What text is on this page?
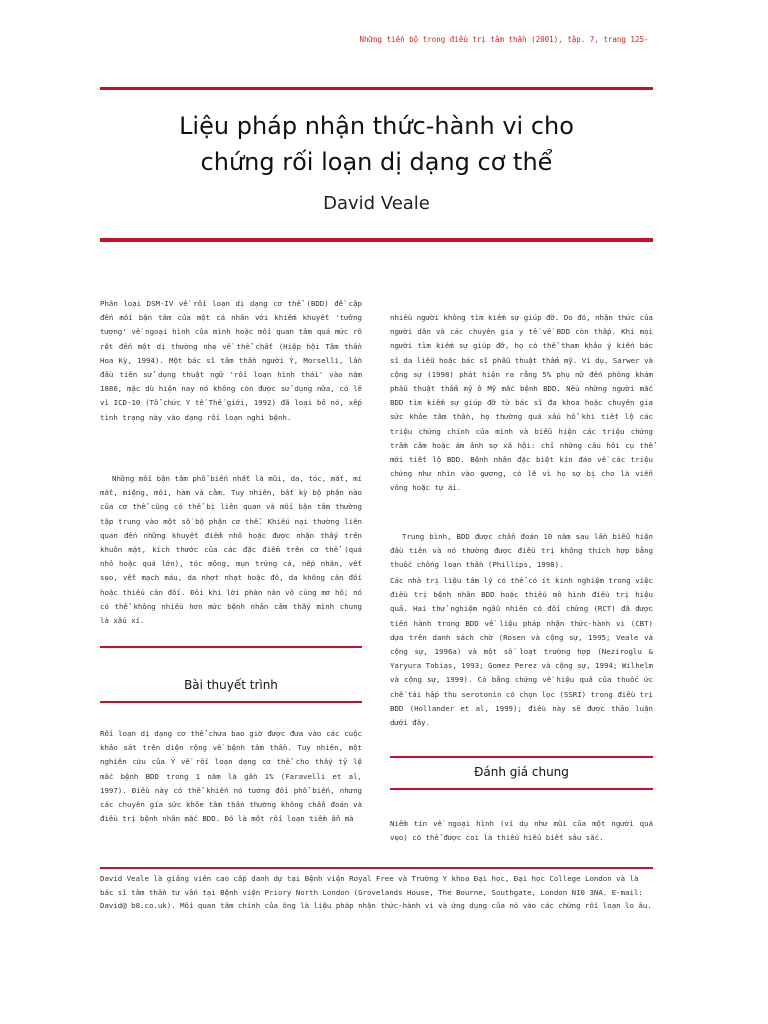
Những tiến bộ trong điều trị tâm thần (2001), tập. 7, trang 125-
Liệu pháp nhận thức-hành vi cho
chứng rối loạn dị dạng cơ thể
David Veale

Phân loại DSM-IV về rối loạn dị dạng cơ thể (BDD) đề cập đến mối bận tâm của một cá nhân với khiếm khuyết 'tưởng tượng' về ngoại hình của mình hoặc mối quan tâm quá mức rõ rệt đến một dị thường nhẹ về thể chất (Hiệp hội Tâm thần Hoa Kỳ, 1994). Một bác sĩ tâm thần người Ý, Morselli, lần đầu tiên sử dụng thuật ngữ 'rối loạn hình thái' vào năm 1886, mặc dù hiện nay nó không còn được sử dụng nữa, có lẽ vì ICD-10 (Tổ chức Y tế Thế giới, 1992) đã loại bỏ nó, xếp tình trạng này vào dạng rối loạn nghi bệnh.

Những mối bận tâm phổ biến nhất là mũi, da, tóc, mắt, mí mắt, miệng, môi, hàm và cằm. Tuy nhiên, bất kỳ bộ phận nào của cơ thể cũng có thể bị liên quan và mối bận tâm thường tập trung vào một số bộ phận cơ thể. Khiếu nại thường liên quan đến những khuyết điểm nhỏ hoặc được nhận thấy trên khuôn mặt, kích thước của các đặc điểm trên cơ thể (quá nhỏ hoặc quá lớn), tóc mỏng, mụn trứng cá, nếp nhăn, vết sẹo, vết mạch máu, da nhợt nhạt hoặc đỏ, da không cân đối hoặc thiếu cân đối. Đôi khi lời phàn nàn vô cùng mơ hồ; nó có thể không nhiều hơn mức bệnh nhân cảm thấy mình chung là xấu xí.

Bài thuyết trình

Rối loạn dị dạng cơ thể chưa bao giờ được đưa vào các cuộc khảo sát trên diện rộng về bệnh tâm thần. Tuy nhiên, một nghiên cứu của Ý về rối loạn dạng cơ thể cho thấy tỷ lệ mắc bệnh BDD trong 1 năm là gần 1% (Faravelli et al, 1997). Điều này có thể khiến nó tương đối phổ biến, nhưng các chuyên gia sức khỏe tâm thần thường không chẩn đoán và điều trị bệnh nhân mắc BDD. Đó là một rối loạn tiềm ẩn mà

nhiều người không tìm kiếm sự giúp đỡ. Do đó, nhận thức của người dân và các chuyên gia y tế về BDD còn thấp. Khi mọi người tìm kiếm sự giúp đỡ, họ có thể tham khảo ý kiến bác sĩ da liễu hoặc bác sĩ phẫu thuật thẩm mỹ. Ví dụ, Sarwer và cộng sự (1998) phát hiện ra rằng 5% phụ nữ đến phòng khám phẫu thuật thẩm mỹ ở Mỹ mắc bệnh BDD. Nếu những người mắc BDD tìm kiếm sự giúp đỡ từ bác sĩ đa khoa hoặc chuyên gia sức khỏe tâm thần, họ thường quá xấu hổ khi tiết lộ các triệu chứng chính của mình và biểu hiện các triệu chứng trầm cảm hoặc ám ảnh sợ xã hội: chỉ những câu hỏi cụ thể mới tiết lộ BDD. Bệnh nhân đặc biệt kín đáo về các triệu chứng như nhìn vào gương, có lẽ vì họ sợ bị cho là viển vông hoặc tự ái.

Trung bình, BDD được chẩn đoán 10 năm sau lần biểu hiện đầu tiên và nó thường được điều trị không thích hợp bằng thuốc chống loạn thần (Phillips, 1998).

Các nhà trị liệu tâm lý có thể có ít kinh nghiệm trong việc điều trị bệnh nhân BDD hoặc thiếu mô hình điều trị hiệu quả. Hai thử nghiệm ngẫu nhiên có đối chứng (RCT) đã được tiến hành trong BDD về liệu pháp nhận thức-hành vi (CBT) dựa trên danh sách chờ (Rosen và cộng sự, 1995; Veale và cộng sự, 1996a) và một số loạt trường hợp (Neziroglu & Yaryura Tobias, 1993; Gomez Perez và cộng sự, 1994; Wilhelm và cộng sự, 1999). Có bằng chứng về hiệu quả của thuốc ức chế tái hấp thu serotonin có chọn lọc (SSRI) trong điều trị BDD (Hollander et al, 1999); điều này sẽ được thảo luận dưới đây.

Đánh giá chung

Niềm tin về ngoại hình (ví dụ như mũi của một người quá vẹo) có thể được coi là thiếu hiểu biết sâu sắc.

David Veale là giảng viên cao cấp danh dự tại Bệnh viện Royal Free và Trường Y khoa Đại học, Đại học College London và là bác sĩ tâm thần tư vấn tại Bệnh viện Priory North London (Grovelands House, The Bourne, Southgate, London N10 3NA. E-mail: David@ b8.co.uk). Mối quan tâm chính của ông là liệu pháp nhận thức-hành vi và ứng dụng của nó vào các chứng rối loạn lo âu.
